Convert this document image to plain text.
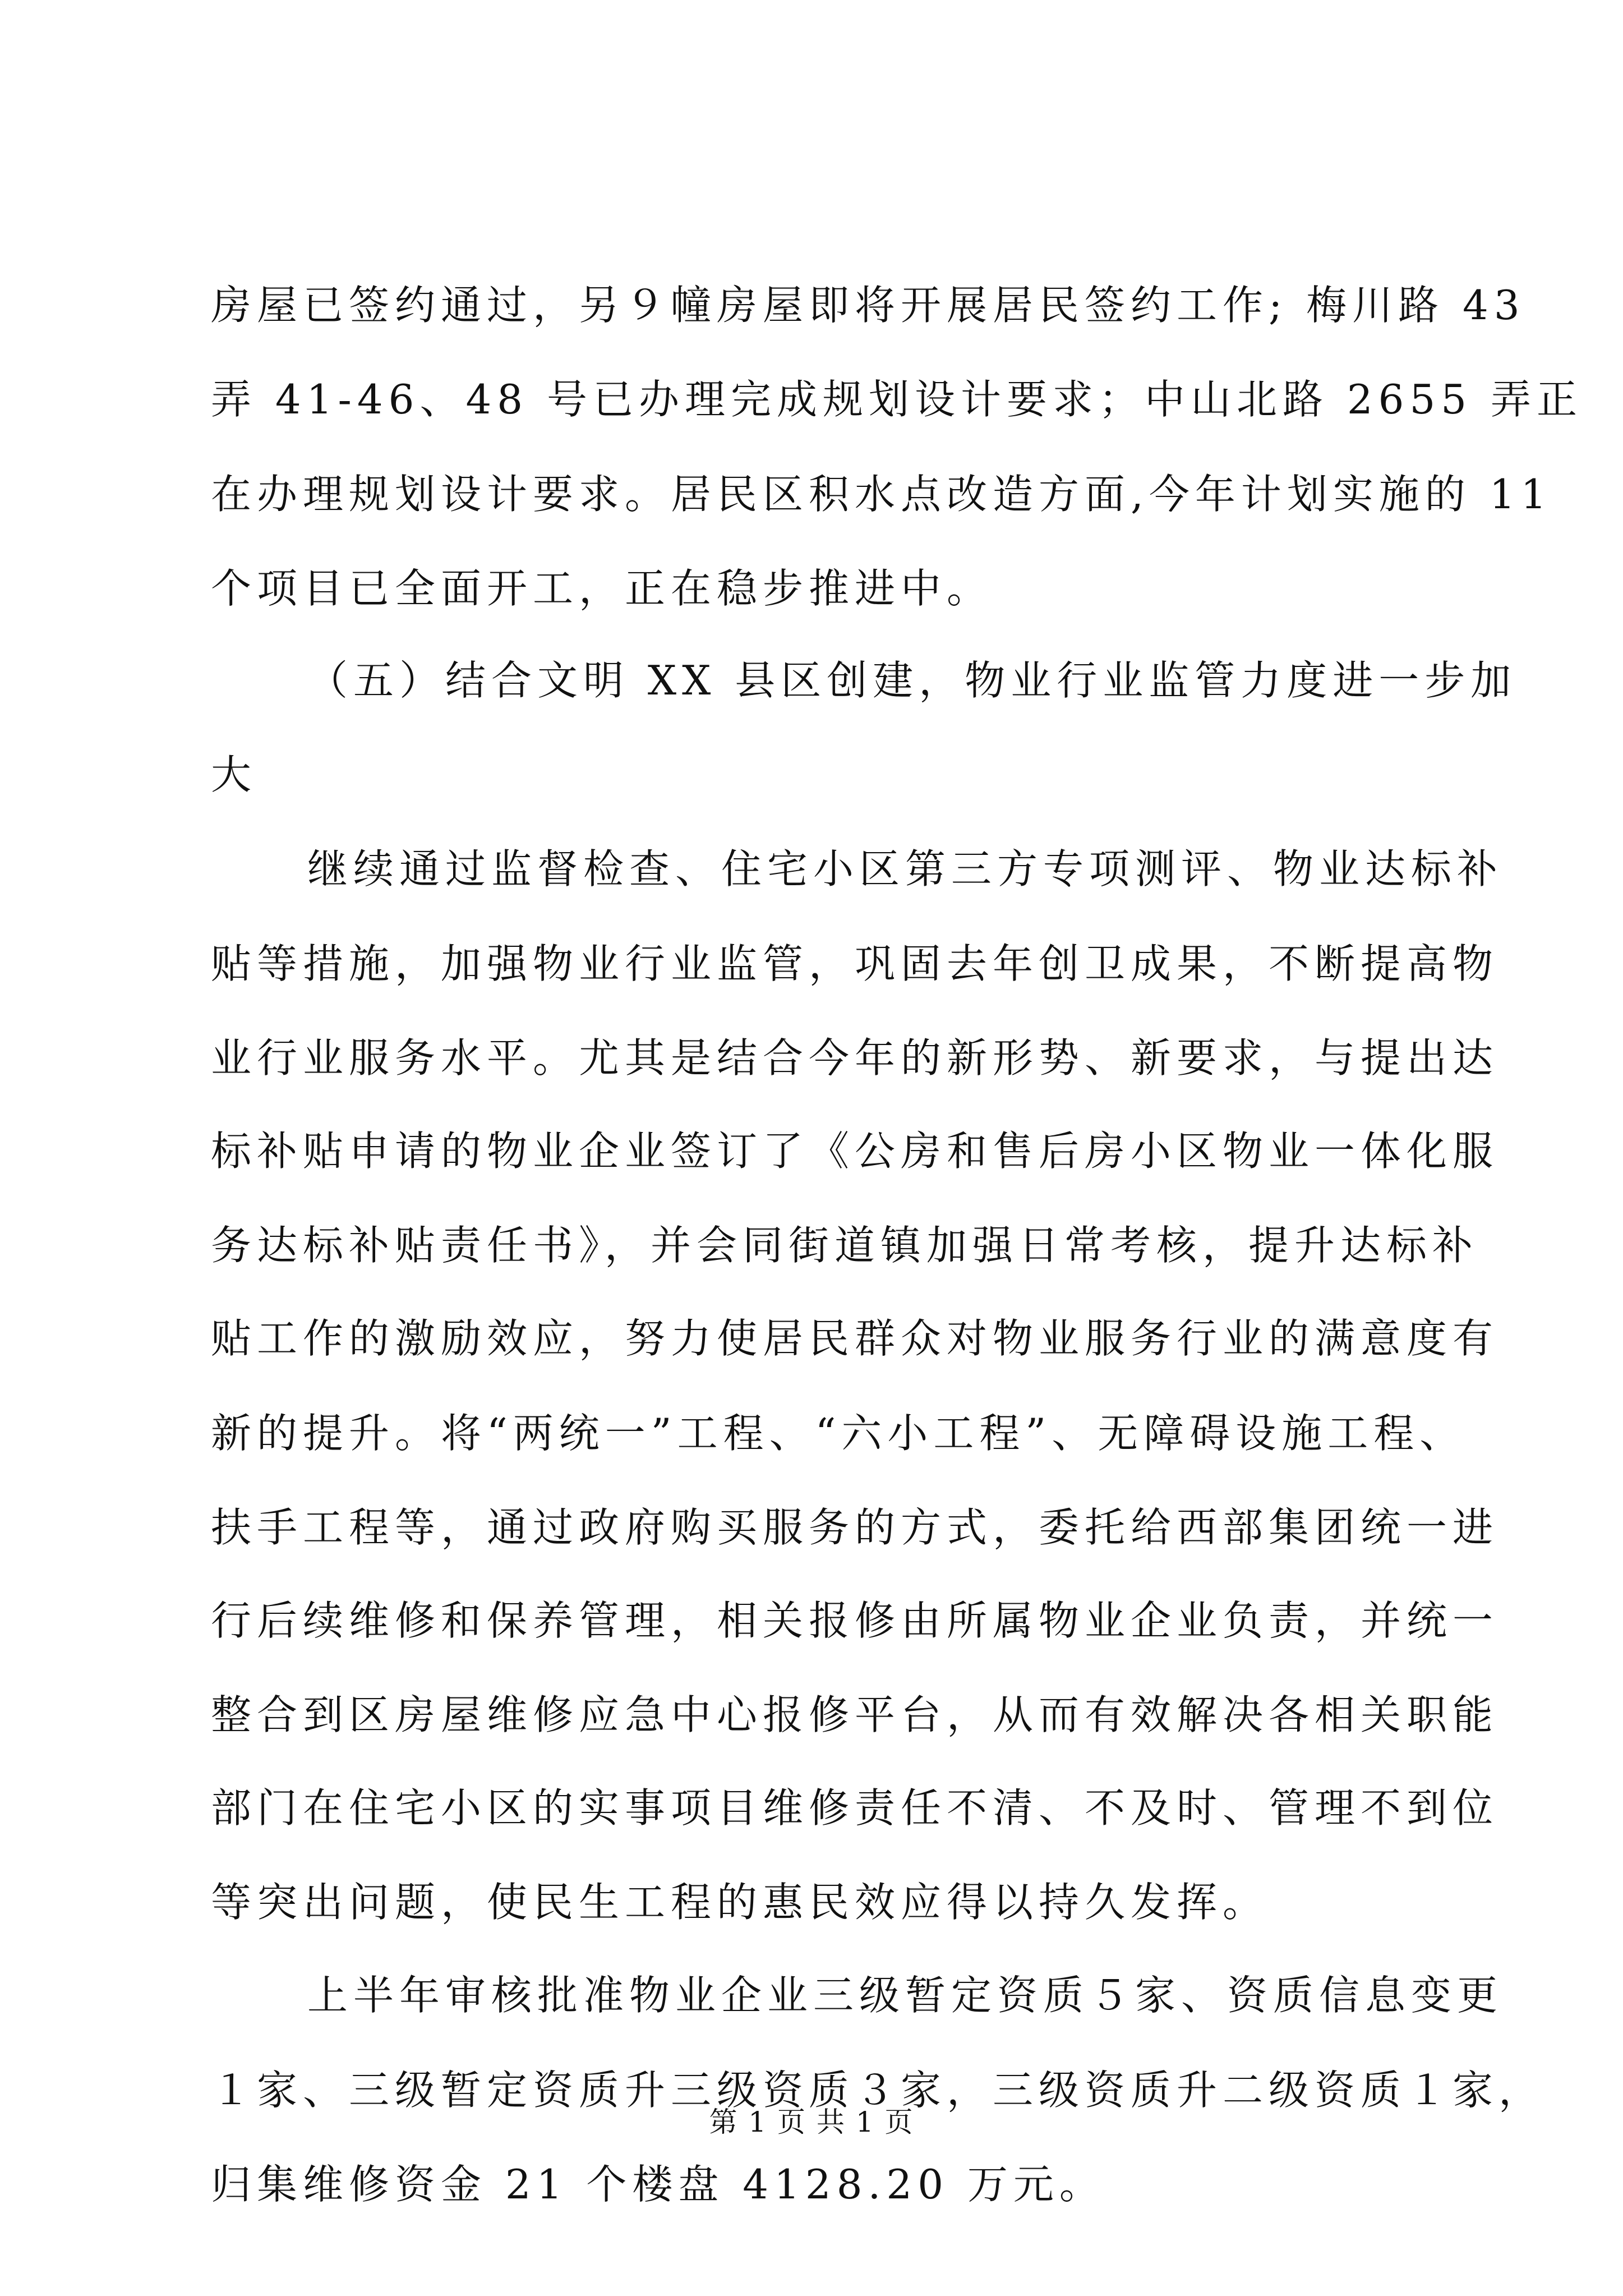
房屋已签约通过，另９幢房屋即将开展居民签约工作; 梅川路 43
弄 41-46、48 号已办理完成规划设计要求；中山北路 2655 弄正
在办理规划设计要求。居民区积水点改造方面,今年计划实施的 11
个项目已全面开工，正在稳步推进中。
（五）结合文明 XX 县区创建，物业行业监管力度进一步加
大
继续通过监督检查、住宅小区第三方专项测评、物业达标补
贴等措施，加强物业行业监管，巩固去年创卫成果，不断提高物
业行业服务水平。尤其是结合今年的新形势、新要求，与提出达
标补贴申请的物业企业签订了《公房和售后房小区物业一体化服
务达标补贴责任书》，并会同街道镇加强日常考核，提升达标补
贴工作的激励效应，努力使居民群众对物业服务行业的满意度有
新的提升。将“两统一”工程、“六小工程”、无障碍设施工程、
扶手工程等，通过政府购买服务的方式，委托给西部集团统一进
行后续维修和保养管理，相关报修由所属物业企业负责，并统一
整合到区房屋维修应急中心报修平台，从而有效解决各相关职能
部门在住宅小区的实事项目维修责任不清、不及时、管理不到位
等突出问题，使民生工程的惠民效应得以持久发挥。
上半年审核批准物业企业三级暂定资质５家、资质信息变更
第 1 页 共 1 页
１家、三级暂定资质升三级资质３家，三级资质升二级资质１家，
归集维修资金 21 个楼盘 4128.20 万元。
